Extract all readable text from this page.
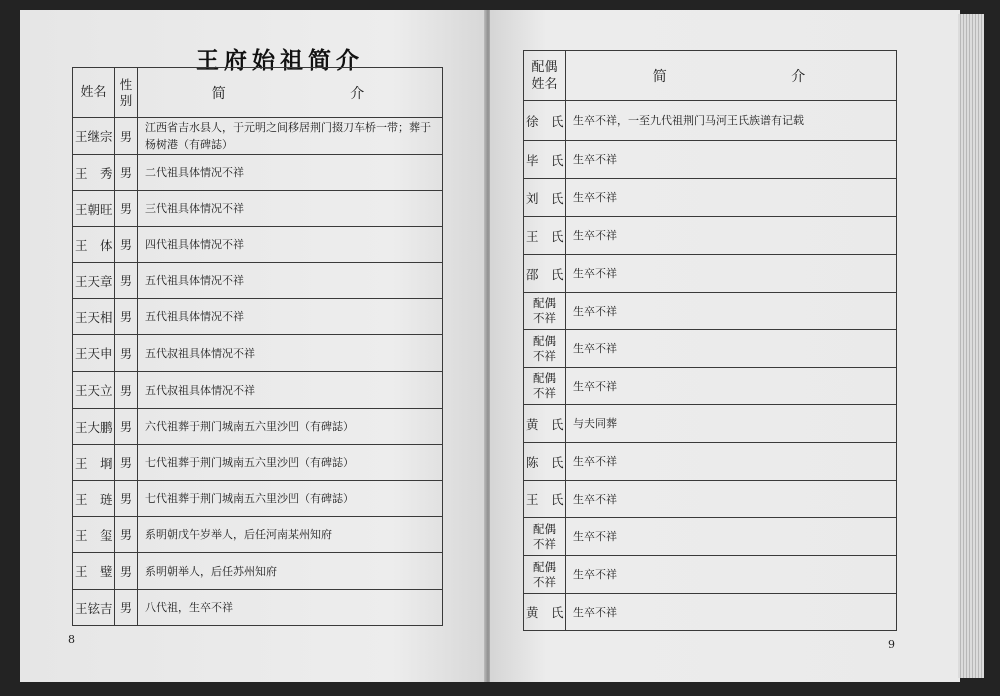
王府始祖简介
姓名	性别	简 介
王继宗	男	江西省吉水县人，于元明之间移居荆门掇刀车桥一带；葬于杨树港（有碑誌）
王　秀	男	二代祖具体情况不祥
王朝旺	男	三代祖具体情况不祥
王　体	男	四代祖具体情况不祥
王天章	男	五代祖具体情况不祥
王天相	男	五代祖具体情况不祥
王天申	男	五代叔祖具体情况不祥
王天立	男	五代叔祖具体情况不祥
王大鹏	男	六代祖葬于荆门城南五六里沙凹（有碑誌）
王　埛	男	七代祖葬于荆门城南五六里沙凹（有碑誌）
王　琏	男	七代祖葬于荆门城南五六里沙凹（有碑誌）
王　玺	男	系明朝戊午岁举人，后任河南某州知府
王　璧	男	系明朝举人，后任苏州知府
王铉吉	男	八代祖，生卒不祥
8
配偶
姓名	简 介
徐　氏	生卒不祥，一至九代祖荆门马河王氏族谱有记载
毕　氏	生卒不祥
刘　氏	生卒不祥
王　氏	生卒不祥
邵　氏	生卒不祥
配偶
不祥	生卒不祥
配偶
不祥	生卒不祥
配偶
不祥	生卒不祥
黄　氏	与夫同葬
陈　氏	生卒不祥
王　氏	生卒不祥
配偶
不祥	生卒不祥
配偶
不祥	生卒不祥
黄　氏	生卒不祥
9
